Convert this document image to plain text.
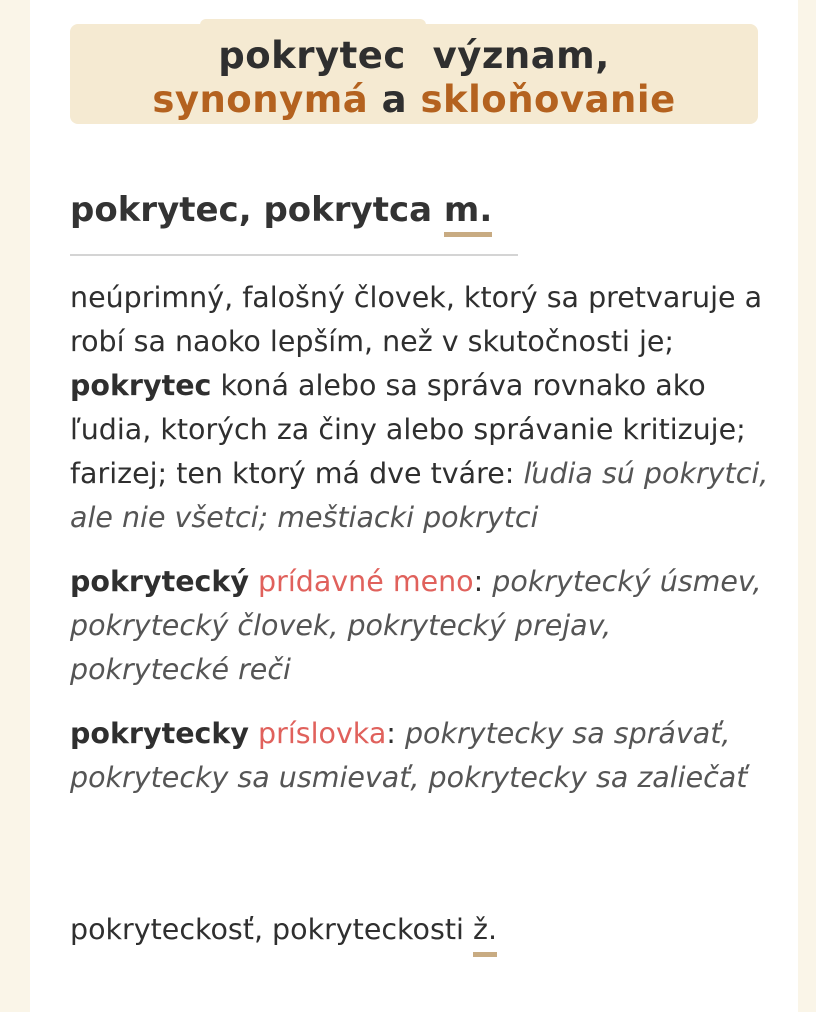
pokrytec význam,
synonymá a skloňovanie
pokrytec, pokrytca m.

neúprimný, falošný človek, ktorý sa pretvaruje a robí sa naoko lepším, než v skutočnosti je; pokrytec koná alebo sa správa rovnako ako ľudia, ktorých za činy alebo správanie kritizuje; farizej; ten ktorý má dve tváre: ľudia sú pokrytci, ale nie všetci; meštiacki pokrytci

pokrytecký prídavné meno: pokrytecký úsmev, pokrytecký človek, pokrytecký prejav, pokrytecké reči

pokrytecky príslovka: pokrytecky sa správať, pokrytecky sa usmievať, pokrytecky sa zaliečať

pokryteckosť, pokryteckosti ž.
